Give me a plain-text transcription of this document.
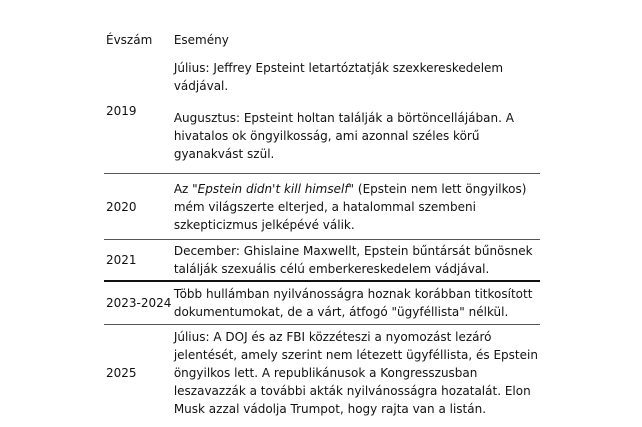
Évszám	Esemény
2019	Július: Jeffrey Epsteint letartóztatják szexkereskedelem vádjával.
Augusztus: Epsteint holtan találják a börtöncellájában. A hivatalos ok öngyilkosság, ami azonnal széles körű gyanakvást szül.

2020	Az "Epstein didn't kill himself" (Epstein nem lett öngyilkos) mém világszerte elterjed, a hatalommal szembeni szkepticizmus jelképévé válik.

2021	December: Ghislaine Maxwellt, Epstein bűntársát bűnösnek találják szexuális célú emberkereskedelem vádjával.

2023-2024	Több hullámban nyilvánosságra hoznak korábban titkosított dokumentumokat, de a várt, átfogó "ügyféllista" nélkül.

2025	Július: A DOJ és az FBI közzéteszi a nyomozást lezáró jelentését, amely szerint nem létezett ügyféllista, és Epstein öngyilkos lett. A republikánusok a Kongresszusban leszavazzák a további akták nyilvánosságra hozatalát. Elon Musk azzal vádolja Trumpot, hogy rajta van a listán.
